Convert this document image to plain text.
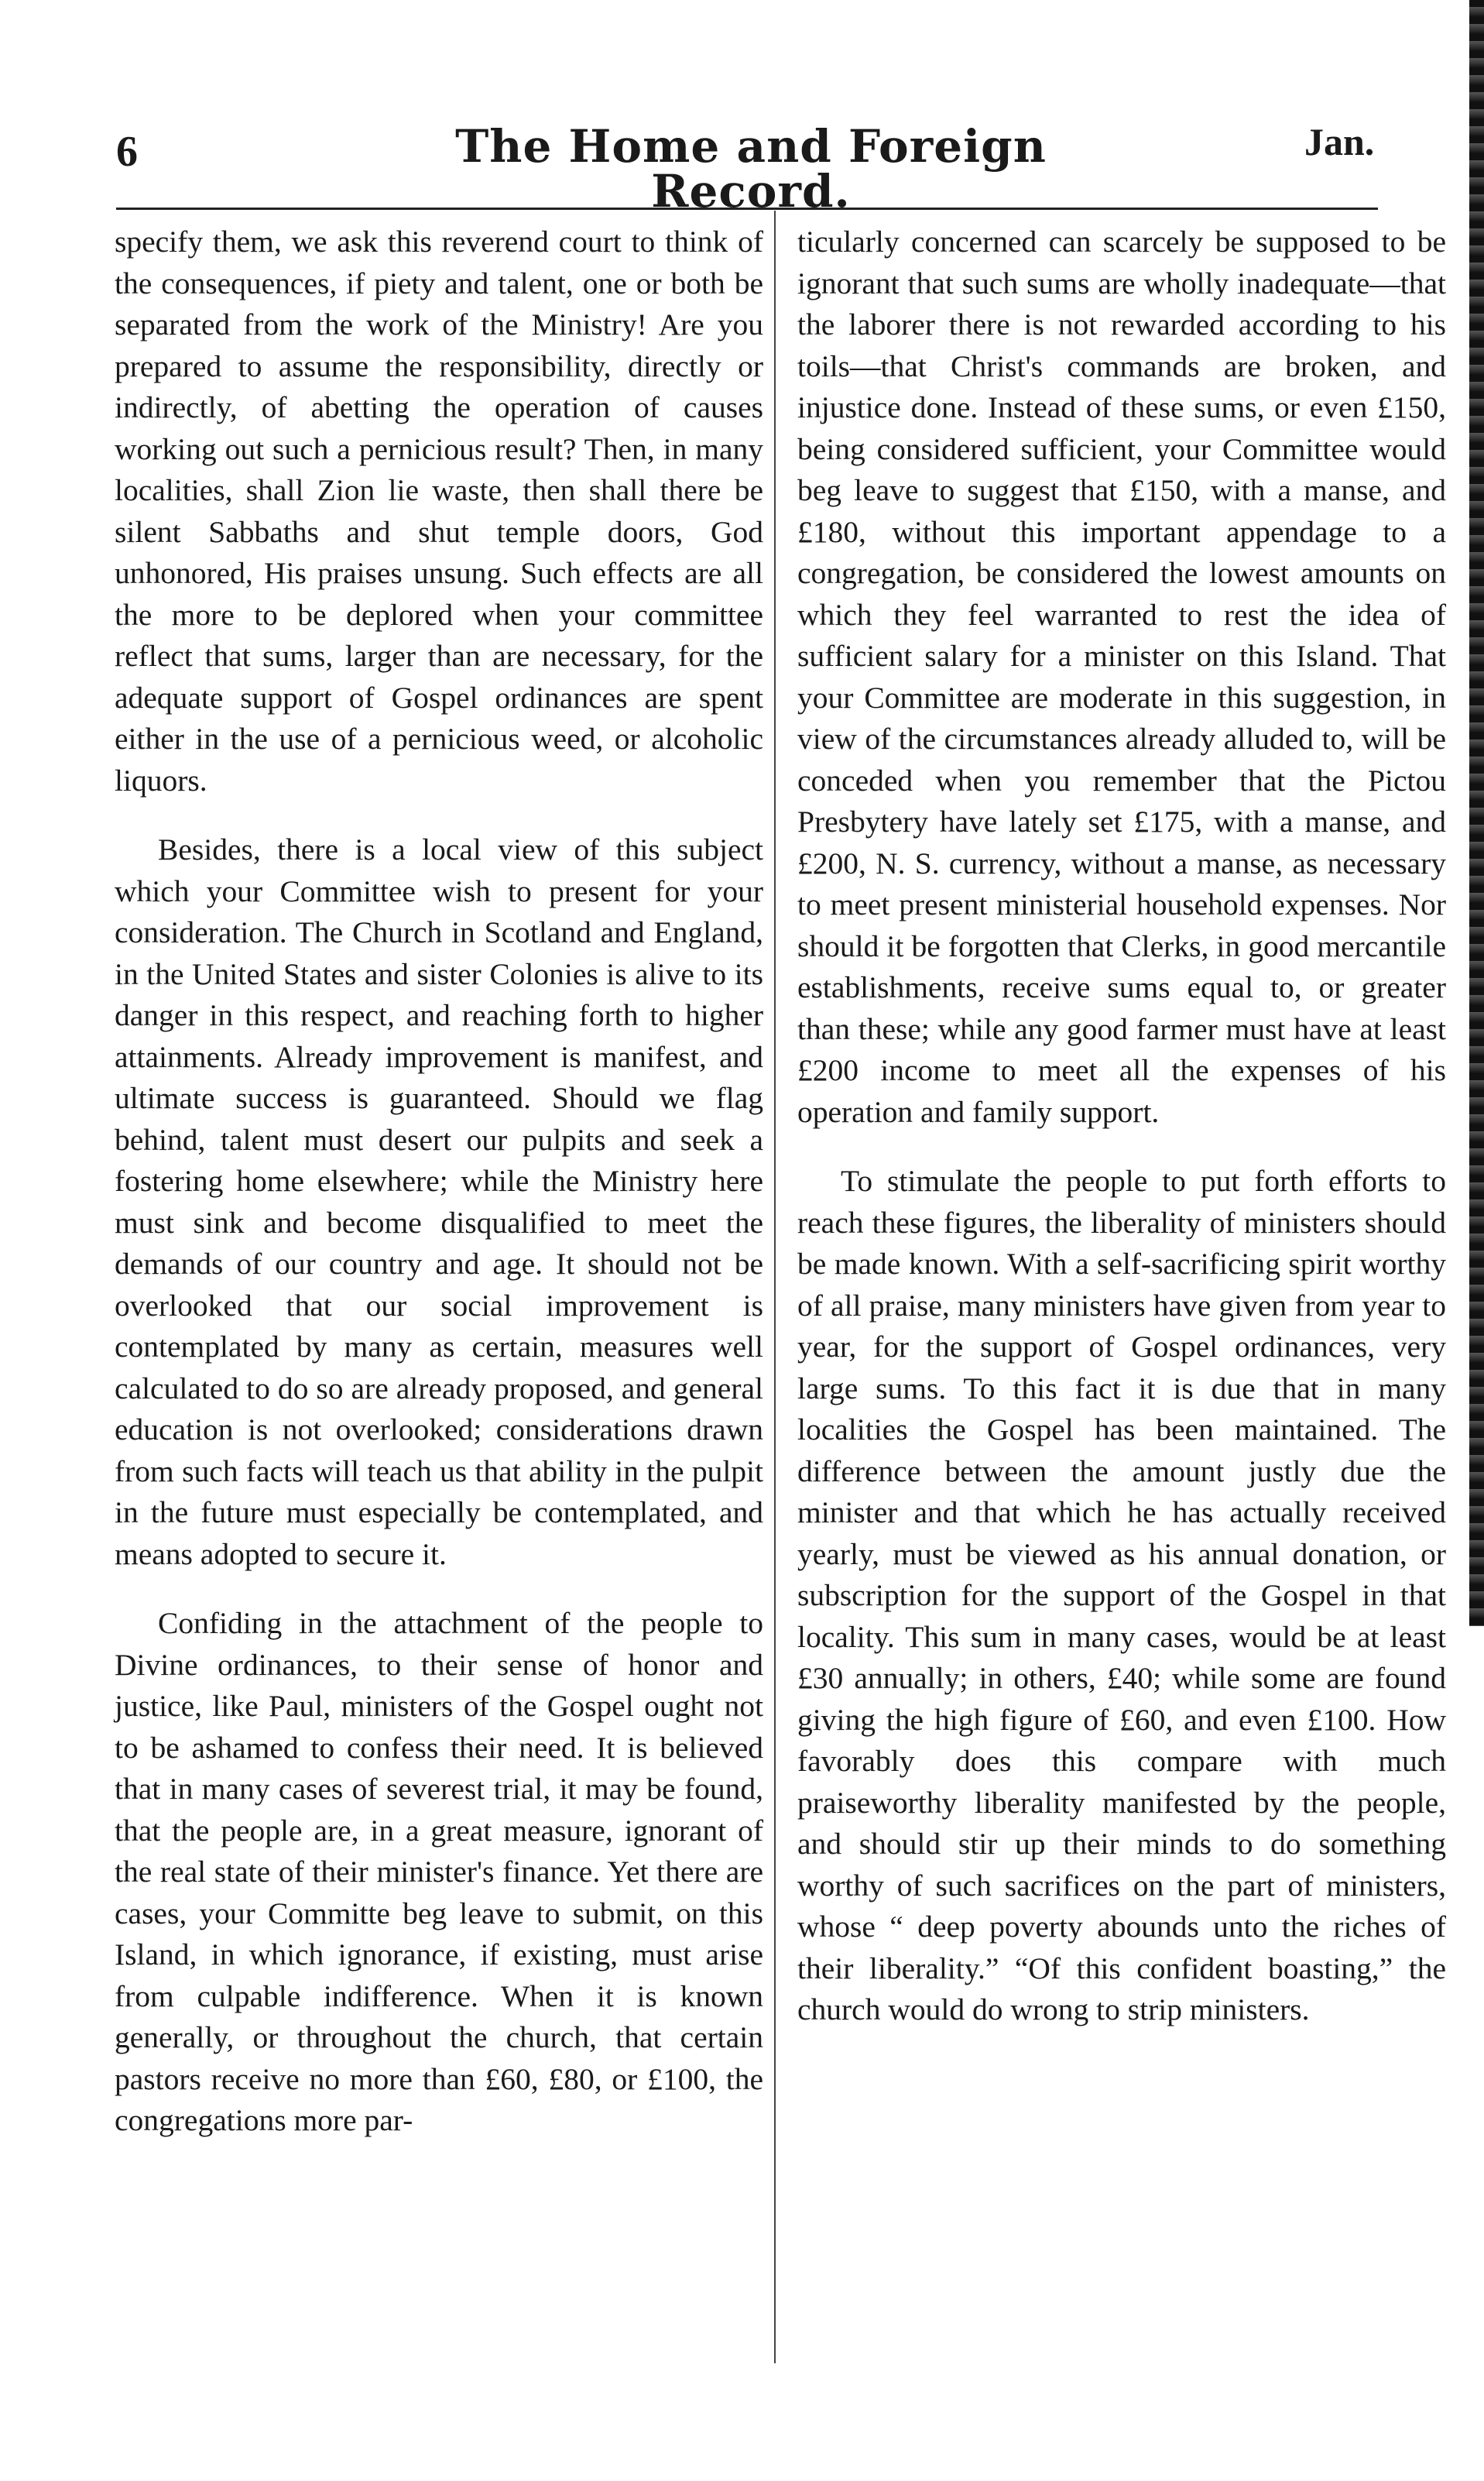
6	The Home and Foreign Record.
Jan.

specify them, we ask this reverend court to think of the consequences, if piety and talent, one or both be separated from the work of the Ministry! Are you prepared to assume the responsibility, directly or indirectly, of abetting the operation of causes working out such a pernicious result? Then, in many localities, shall Zion lie waste, then shall there be silent Sabbaths and shut temple doors, God unhonored, His praises unsung. Such effects are all the more to be deplored when your committee reflect that sums, larger than are necessary, for the adequate support of Gospel ordinances are spent either in the use of a pernicious weed, or alcoholic liquors.

Besides, there is a local view of this subject which your Committee wish to present for your consideration. The Church in Scotland and England, in the United States and sister Colonies is alive to its danger in this respect, and reaching forth to higher attainments. Already improvement is manifest, and ultimate success is guaranteed. Should we flag behind, talent must desert our pulpits and seek a fostering home elsewhere; while the Ministry here must sink and become disqualified to meet the demands of our country and age. It should not be overlooked that our social improvement is contemplated by many as certain, measures well calculated to do so are already proposed, and general education is not overlooked; considerations drawn from such facts will teach us that ability in the pulpit in the future must especially be contemplated, and means adopted to secure it.

Confiding in the attachment of the people to Divine ordinances, to their sense of honor and justice, like Paul, ministers of the Gospel ought not to be ashamed to confess their need. It is believed that in many cases of severest trial, it may be found, that the people are, in a great measure, ignorant of the real state of their minister's finance. Yet there are cases, your Committe beg leave to submit, on this Island, in which ignorance, if existing, must arise from culpable indifference. When it is known generally, or throughout the church, that certain pastors receive no more than £60, £80, or £100, the congregations more par-

ticularly concerned can scarcely be supposed to be ignorant that such sums are wholly inadequate—that the laborer there is not rewarded according to his toils—that Christ's commands are broken, and injustice done. Instead of these sums, or even £150, being considered sufficient, your Committee would beg leave to suggest that £150, with a manse, and £180, without this important appendage to a congregation, be considered the lowest amounts on which they feel warranted to rest the idea of sufficient salary for a minister on this Island. That your Committee are moderate in this suggestion, in view of the circumstances already alluded to, will be conceded when you remember that the Pictou Presbytery have lately set £175, with a manse, and £200, N. S. currency, without a manse, as necessary to meet present ministerial household expenses. Nor should it be forgotten that Clerks, in good mercantile establishments, receive sums equal to, or greater than these; while any good farmer must have at least £200 income to meet all the expenses of his operation and family support.

To stimulate the people to put forth efforts to reach these figures, the liberality of ministers should be made known. With a self-sacrificing spirit worthy of all praise, many ministers have given from year to year, for the support of Gospel ordinances, very large sums. To this fact it is due that in many localities the Gospel has been maintained. The difference between the amount justly due the minister and that which he has actually received yearly, must be viewed as his annual donation, or subscription for the support of the Gospel in that locality. This sum in many cases, would be at least £30 annually; in others, £40; while some are found giving the high figure of £60, and even £100. How favorably does this compare with much praiseworthy liberality manifested by the people, and should stir up their minds to do something worthy of such sacrifices on the part of ministers, whose “ deep poverty abounds unto the riches of their liberality.” “Of this confident boasting,” the church would do wrong to strip ministers.
